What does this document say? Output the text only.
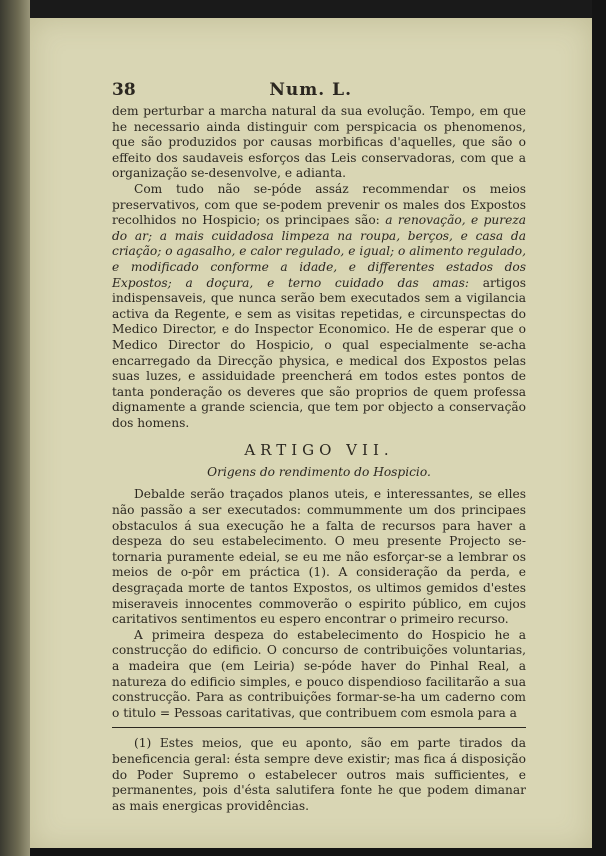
38	Num. L.

dem perturbar a marcha natural da sua evolução. Tempo, em que he necessario ainda distinguir com perspicacia os phenomenos, que são produzidos por causas morbificas d'aquelles, que são o effeito dos saudaveis esforços das Leis conservadoras, com que a organização se-desenvolve, e adianta.

Com tudo não se-póde assáz recommendar os meios preservativos, com que se-podem prevenir os males dos Expostos recolhidos no Hospicio; os principaes são: a renovação, e pureza do ar; a mais cuidadosa limpeza na roupa, berços, e casa da criação; o agasalho, e calor regulado, e igual; o alimento regulado, e modificado conforme a idade, e differentes estados dos Expostos; a doçura, e terno cuidado das amas: artigos indispensaveis, que nunca serão bem executados sem a vigilancia activa da Regente, e sem as visitas repetidas, e circunspectas do Medico Director, e do Inspector Economico. He de esperar que o Medico Director do Hospicio, o qual especialmente se-acha encarregado da Direcção physica, e medical dos Expostos pelas suas luzes, e assiduidade preencherá em todos estes pontos de tanta ponderação os deveres que são proprios de quem professa dignamente a grande sciencia, que tem por objecto a conservação dos homens.

ARTIGO VII.
Origens do rendimento do Hospicio.

Debalde serão traçados planos uteis, e interessantes, se elles não passão a ser executados: commummente um dos principaes obstaculos á sua execução he a falta de recursos para haver a despeza do seu estabelecimento. O meu presente Projecto se-tornaria puramente edeial, se eu me não esforçar-se a lembrar os meios de o-pôr em práctica (1). A consideração da perda, e desgraçada morte de tantos Expostos, os ultimos gemidos d'estes miseraveis innocentes commoverão o espirito público, em cujos caritativos sentimentos eu espero encontrar o primeiro recurso.

A primeira despeza do estabelecimento do Hospicio he a construcção do edificio. O concurso de contribuições voluntarias, a madeira que (em Leiria) se-póde haver do Pinhal Real, a natureza do edificio simples, e pouco dispendioso facilitarão a sua construcção. Para as contribuições formar-se-ha um caderno com o titulo = Pessoas caritativas, que contribuem com esmola para a

(1) Estes meios, que eu aponto, são em parte tirados da beneficencia geral: ésta sempre deve existir; mas fica á disposição do Poder Supremo o estabelecer outros mais sufficientes, e permanentes, pois d'ésta salutifera fonte he que podem dimanar as mais energicas providências.
